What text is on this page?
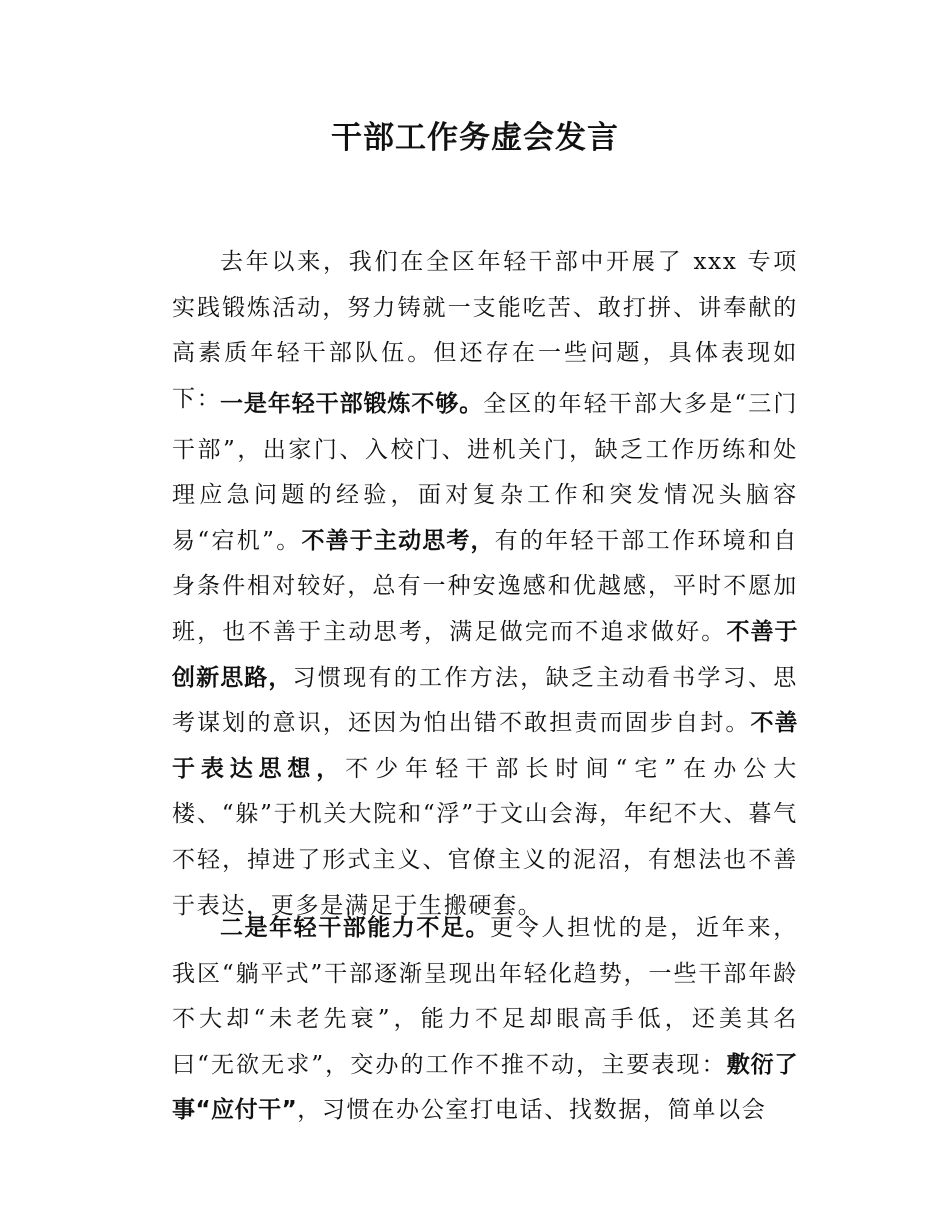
干部工作务虚会发言

去年以来，我们在全区年轻干部中开展了 xxx 专项实践锻炼活动，努力铸就一支能吃苦、敢打拼、讲奉献的高素质年轻干部队伍。但还存在一些问题，具体表现如下：

一是年轻干部锻炼不够。全区的年轻干部大多是“三门干部”，出家门、入校门、进机关门，缺乏工作历练和处理应急问题的经验，面对复杂工作和突发情况头脑容易“宕机”。不善于主动思考，有的年轻干部工作环境和自身条件相对较好，总有一种安逸感和优越感，平时不愿加班，也不善于主动思考，满足做完而不追求做好。不善于创新思路，习惯现有的工作方法，缺乏主动看书学习、思考谋划的意识，还因为怕出错不敢担责而固步自封。不善于表达思想，不少年轻干部长时间“宅”在办公大楼、“躲”于机关大院和“浮”于文山会海，年纪不大、暮气不轻，掉进了形式主义、官僚主义的泥沼，有想法也不善于表达，更多是满足于生搬硬套。

二是年轻干部能力不足。更令人担忧的是，近年来，我区“躺平式”干部逐渐呈现出年轻化趋势，一些干部年龄不大却“未老先衰”，能力不足却眼高手低，还美其名曰“无欲无求”，交办的工作不推不动，主要表现：敷衍了事“应付干”，习惯在办公室打电话、找数据，简单以会
